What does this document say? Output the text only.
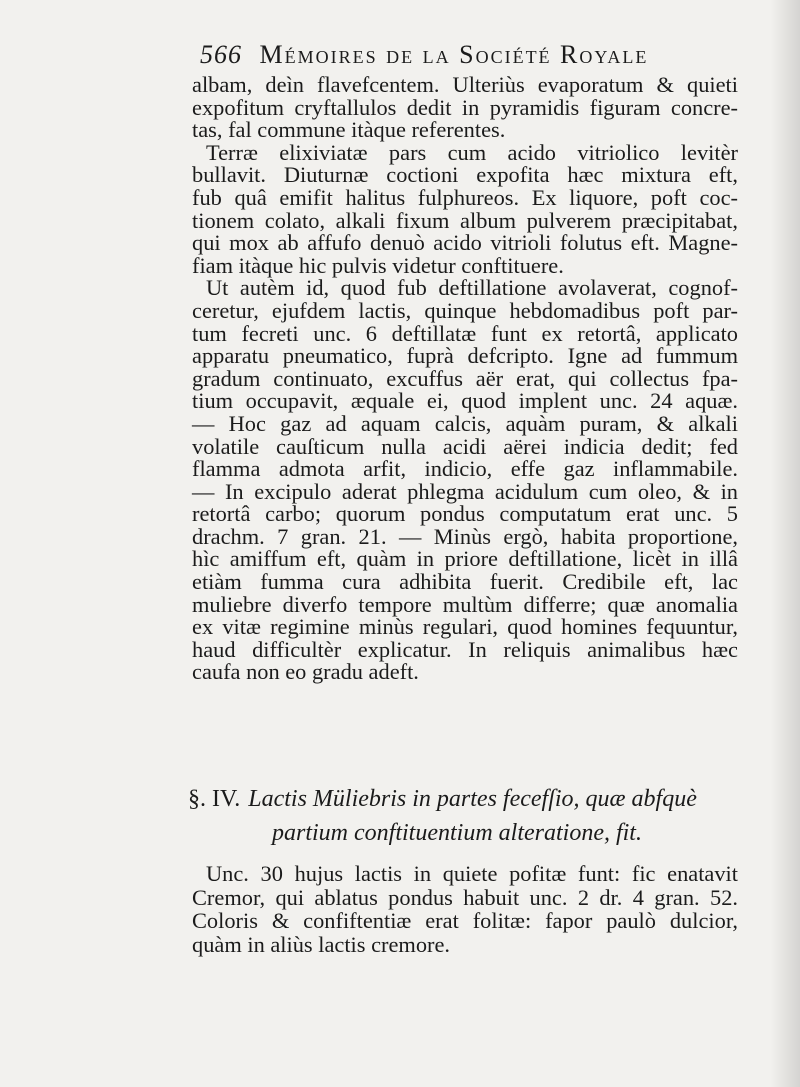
566 Mémoires de la Société Royale
albam, deìn flavefcentem. Ulteriùs evaporatum & quieti
expofitum cryftallulos dedit in pyramidis figuram concre-
tas, fal commune itàque referentes.
Terræ elixiviatæ pars cum acido vitriolico levitèr
bullavit. Diuturnæ coctioni expofita hæc mixtura eft,
fub quâ emifit halitus fulphureos. Ex liquore, poft coc-
tionem colato, alkali fixum album pulverem præcipitabat,
qui mox ab affufo denuò acido vitrioli folutus eft. Magne-
fiam itàque hic pulvis videtur conftituere.
Ut autèm id, quod fub deftillatione avolaverat, cognof-
ceretur, ejufdem lactis, quinque hebdomadibus poft par-
tum fecreti unc. 6 deftillatæ funt ex retortâ, applicato
apparatu pneumatico, fuprà defcripto. Igne ad fummum
gradum continuato, excuffus aër erat, qui collectus fpa-
tium occupavit, æquale ei, quod implent unc. 24 aquæ.
— Hoc gaz ad aquam calcis, aquàm puram, & alkali
volatile cauſticum nulla acidi aërei indicia dedit; fed
flamma admota arfit, indicio, effe gaz inflammabile.
— In excipulo aderat phlegma acidulum cum oleo, & in
retortâ carbo; quorum pondus computatum erat unc. 5
drachm. 7 gran. 21. — Minùs ergò, habita proportione,
hìc amiffum eft, quàm in priore deftillatione, licèt in illâ
etiàm fumma cura adhibita fuerit. Credibile eft, lac
muliebre diverfo tempore multùm differre; quæ anomalia
ex vitæ regimine minùs regulari, quod homines fequuntur,
haud difficultèr explicatur. In reliquis animalibus hæc
caufa non eo gradu adeft.
§. IV. Lactis Müliebris in partes fecefſio, quæ abfquè
partium conftituentium alteratione, fit.
Unc. 30 hujus lactis in quiete pofitæ funt: fic enatavit
Cremor, qui ablatus pondus habuit unc. 2 dr. 4 gran. 52.
Coloris & confiftentiæ erat folitæ: fapor paulò dulcior,
quàm in aliùs lactis cremore.
